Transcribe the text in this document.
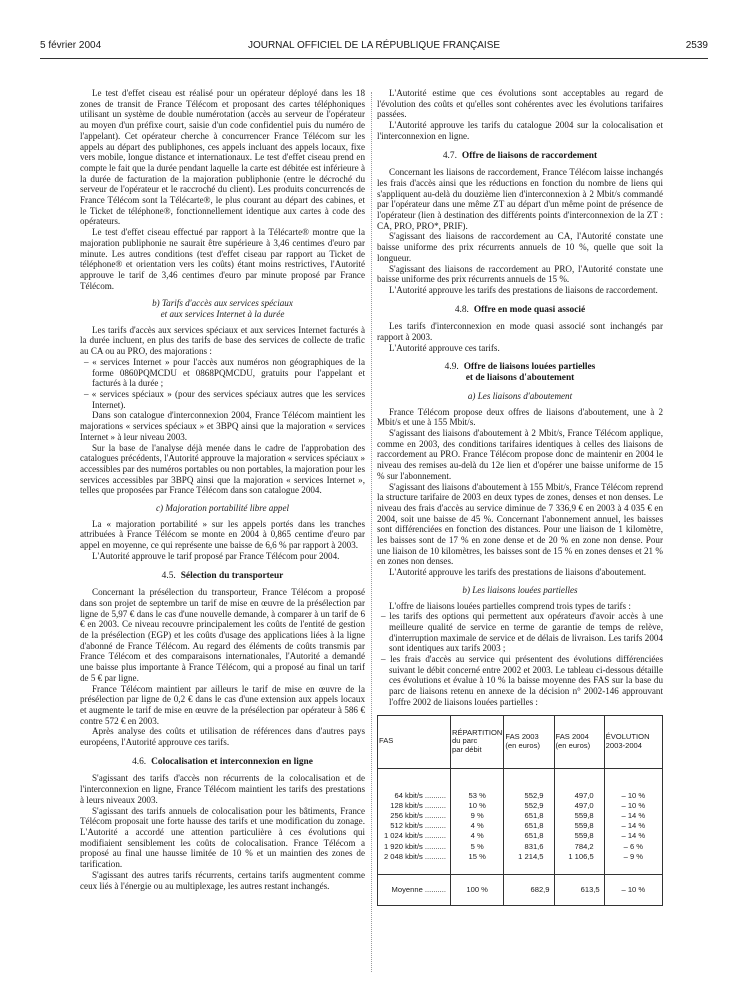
5 février 2004	JOURNAL OFFICIEL DE LA RÉPUBLIQUE FRANÇAISE	2539

Le test d'effet ciseau est réalisé pour un opérateur déployé dans les 18 zones de transit de France Télécom et proposant des cartes téléphoniques utilisant un système de double numérotation (accès au serveur de l'opérateur au moyen d'un préfixe court, saisie d'un code confidentiel puis du numéro de l'appelant). Cet opérateur cherche à concurrencer France Télécom sur les appels au départ des publiphones, ces appels incluant des appels locaux, fixe vers mobile, longue distance et internationaux. Le test d'effet ciseau prend en compte le fait que la durée pendant laquelle la carte est débitée est inférieure à la durée de facturation de la majoration publiphonie (entre le décroché du serveur de l'opérateur et le raccroché du client). Les produits concurrencés de France Télécom sont la Télécarte®, le plus courant au départ des cabines, et le Ticket de téléphone®, fonctionnellement identique aux cartes à code des opérateurs.

Le test d'effet ciseau effectué par rapport à la Télécarte® montre que la majoration publiphonie ne saurait être supérieure à 3,46 centimes d'euro par minute. Les autres conditions (test d'effet ciseau par rapport au Ticket de téléphone® et orientation vers les coûts) étant moins restrictives, l'Autorité approuve le tarif de 3,46 centimes d'euro par minute proposé par France Télécom.

b) Tarifs d'accès aux services spéciaux
et aux services Internet à la durée

Les tarifs d'accès aux services spéciaux et aux services Internet facturés à la durée incluent, en plus des tarifs de base des services de collecte de trafic au CA ou au PRO, des majorations :

– « services Internet » pour l'accès aux numéros non géographiques de la forme 0860PQMCDU et 0868PQMCDU, gratuits pour l'appelant et facturés à la durée ;
– « services spéciaux » (pour des services spéciaux autres que les services Internet).

Dans son catalogue d'interconnexion 2004, France Télécom maintient les majorations « services spéciaux » et 3BPQ ainsi que la majoration « services Internet » à leur niveau 2003.

Sur la base de l'analyse déjà menée dans le cadre de l'approbation des catalogues précédents, l'Autorité approuve la majoration « services spéciaux » accessibles par des numéros portables ou non portables, la majoration pour les services accessibles par 3BPQ ainsi que la majoration « services Internet », telles que proposées par France Télécom dans son catalogue 2004.

c) Majoration portabilité libre appel

La « majoration portabilité » sur les appels portés dans les tranches attribuées à France Télécom se monte en 2004 à 0,865 centime d'euro par appel en moyenne, ce qui représente une baisse de 6,6 % par rapport à 2003.

L'Autorité approuve le tarif proposé par France Télécom pour 2004.

4.5. Sélection du transporteur

Concernant la présélection du transporteur, France Télécom a proposé dans son projet de septembre un tarif de mise en œuvre de la présélection par ligne de 5,97 € dans le cas d'une nouvelle demande, à comparer à un tarif de 6 € en 2003. Ce niveau recouvre principalement les coûts de l'entité de gestion de la présélection (EGP) et les coûts d'usage des applications liées à la ligne d'abonné de France Télécom. Au regard des éléments de coûts transmis par France Télécom et des comparaisons internationales, l'Autorité a demandé une baisse plus importante à France Télécom, qui a proposé au final un tarif de 5 € par ligne.

France Télécom maintient par ailleurs le tarif de mise en œuvre de la présélection par ligne de 0,2 € dans le cas d'une extension aux appels locaux et augmente le tarif de mise en œuvre de la présélection par opérateur à 586 € contre 572 € en 2003.

Après analyse des coûts et utilisation de références dans d'autres pays européens, l'Autorité approuve ces tarifs.

4.6. Colocalisation et interconnexion en ligne

S'agissant des tarifs d'accès non récurrents de la colocalisation et de l'interconnexion en ligne, France Télécom maintient les tarifs des prestations à leurs niveaux 2003.

S'agissant des tarifs annuels de colocalisation pour les bâtiments, France Télécom proposait une forte hausse des tarifs et une modification du zonage. L'Autorité a accordé une attention particulière à ces évolutions qui modifiaient sensiblement les coûts de colocalisation. France Télécom a proposé au final une hausse limitée de 10 % et un maintien des zones de tarification.

S'agissant des autres tarifs récurrents, certains tarifs augmentent comme ceux liés à l'énergie ou au multiplexage, les autres restant inchangés.

L'Autorité estime que ces évolutions sont acceptables au regard de l'évolution des coûts et qu'elles sont cohérentes avec les évolutions tarifaires passées.

L'Autorité approuve les tarifs du catalogue 2004 sur la colocalisation et l'interconnexion en ligne.

4.7. Offre de liaisons de raccordement

Concernant les liaisons de raccordement, France Télécom laisse inchangés les frais d'accès ainsi que les réductions en fonction du nombre de liens qui s'appliquent au-delà du douzième lien d'interconnexion à 2 Mbit/s commandé par l'opérateur dans une même ZT au départ d'un même point de présence de l'opérateur (lien à destination des différents points d'interconnexion de la ZT : CA, PRO, PRO*, PRIF).

S'agissant des liaisons de raccordement au CA, l'Autorité constate une baisse uniforme des prix récurrents annuels de 10 %, quelle que soit la longueur.

S'agissant des liaisons de raccordement au PRO, l'Autorité constate une baisse uniforme des prix récurrents annuels de 15 %.

L'Autorité approuve les tarifs des prestations de liaisons de raccordement.

4.8. Offre en mode quasi associé

Les tarifs d'interconnexion en mode quasi associé sont inchangés par rapport à 2003.

L'Autorité approuve ces tarifs.

4.9. Offre de liaisons louées partielles
et de liaisons d'aboutement
a) Les liaisons d'aboutement

France Télécom propose deux offres de liaisons d'aboutement, une à 2 Mbit/s et une à 155 Mbit/s.

S'agissant des liaisons d'aboutement à 2 Mbit/s, France Télécom applique, comme en 2003, des conditions tarifaires identiques à celles des liaisons de raccordement au PRO. France Télécom propose donc de maintenir en 2004 le niveau des remises au-delà du 12e lien et d'opérer une baisse uniforme de 15 % sur l'abonnement.

S'agissant des liaisons d'aboutement à 155 Mbit/s, France Télécom reprend la structure tarifaire de 2003 en deux types de zones, denses et non denses. Le niveau des frais d'accès au service diminue de 7 336,9 € en 2003 à 4 035 € en 2004, soit une baisse de 45 %. Concernant l'abonnement annuel, les baisses sont différenciées en fonction des distances. Pour une liaison de 1 kilomètre, les baisses sont de 17 % en zone dense et de 20 % en zone non dense. Pour une liaison de 10 kilomètres, les baisses sont de 15 % en zones denses et 21 % en zones non denses.

L'Autorité approuve les tarifs des prestations de liaisons d'aboutement.

b) Les liaisons louées partielles

L'offre de liaisons louées partielles comprend trois types de tarifs :

– les tarifs des options qui permettent aux opérateurs d'avoir accès à une meilleure qualité de service en terme de garantie de temps de relève, d'interruption maximale de service et de délais de livraison. Les tarifs 2004 sont identiques aux tarifs 2003 ;
– les frais d'accès au service qui présentent des évolutions différenciées suivant le débit concerné entre 2002 et 2003. Le tableau ci-dessous détaille ces évolutions et évalue à 10 % la baisse moyenne des FAS sur la base du parc de liaisons retenu en annexe de la décision n° 2002-146 approuvant l'offre 2002 de liaisons louées partielles :
FAS	RÉPARTITION
du parc
par débit	FAS 2003
(en euros)	FAS 2004
(en euros)	ÉVOLUTION
2003-2004
64 kbit/s ..........	53 %	552,9	497,0	– 10 %
128 kbit/s ..........	10 %	552,9	497,0	– 10 %
256 kbit/s ..........	9 %	651,8	559,8	– 14 %
512 kbit/s ..........	4 %	651,8	559,8	– 14 %
1 024 kbit/s ..........	4 %	651,8	559,8	– 14 %
1 920 kbit/s ..........	5 %	831,6	784,2	– 6 %
2 048 kbit/s ..........	15 %	1 214,5	1 106,5	– 9 %
Moyenne ..........	100 %	682,9	613,5	– 10 %
